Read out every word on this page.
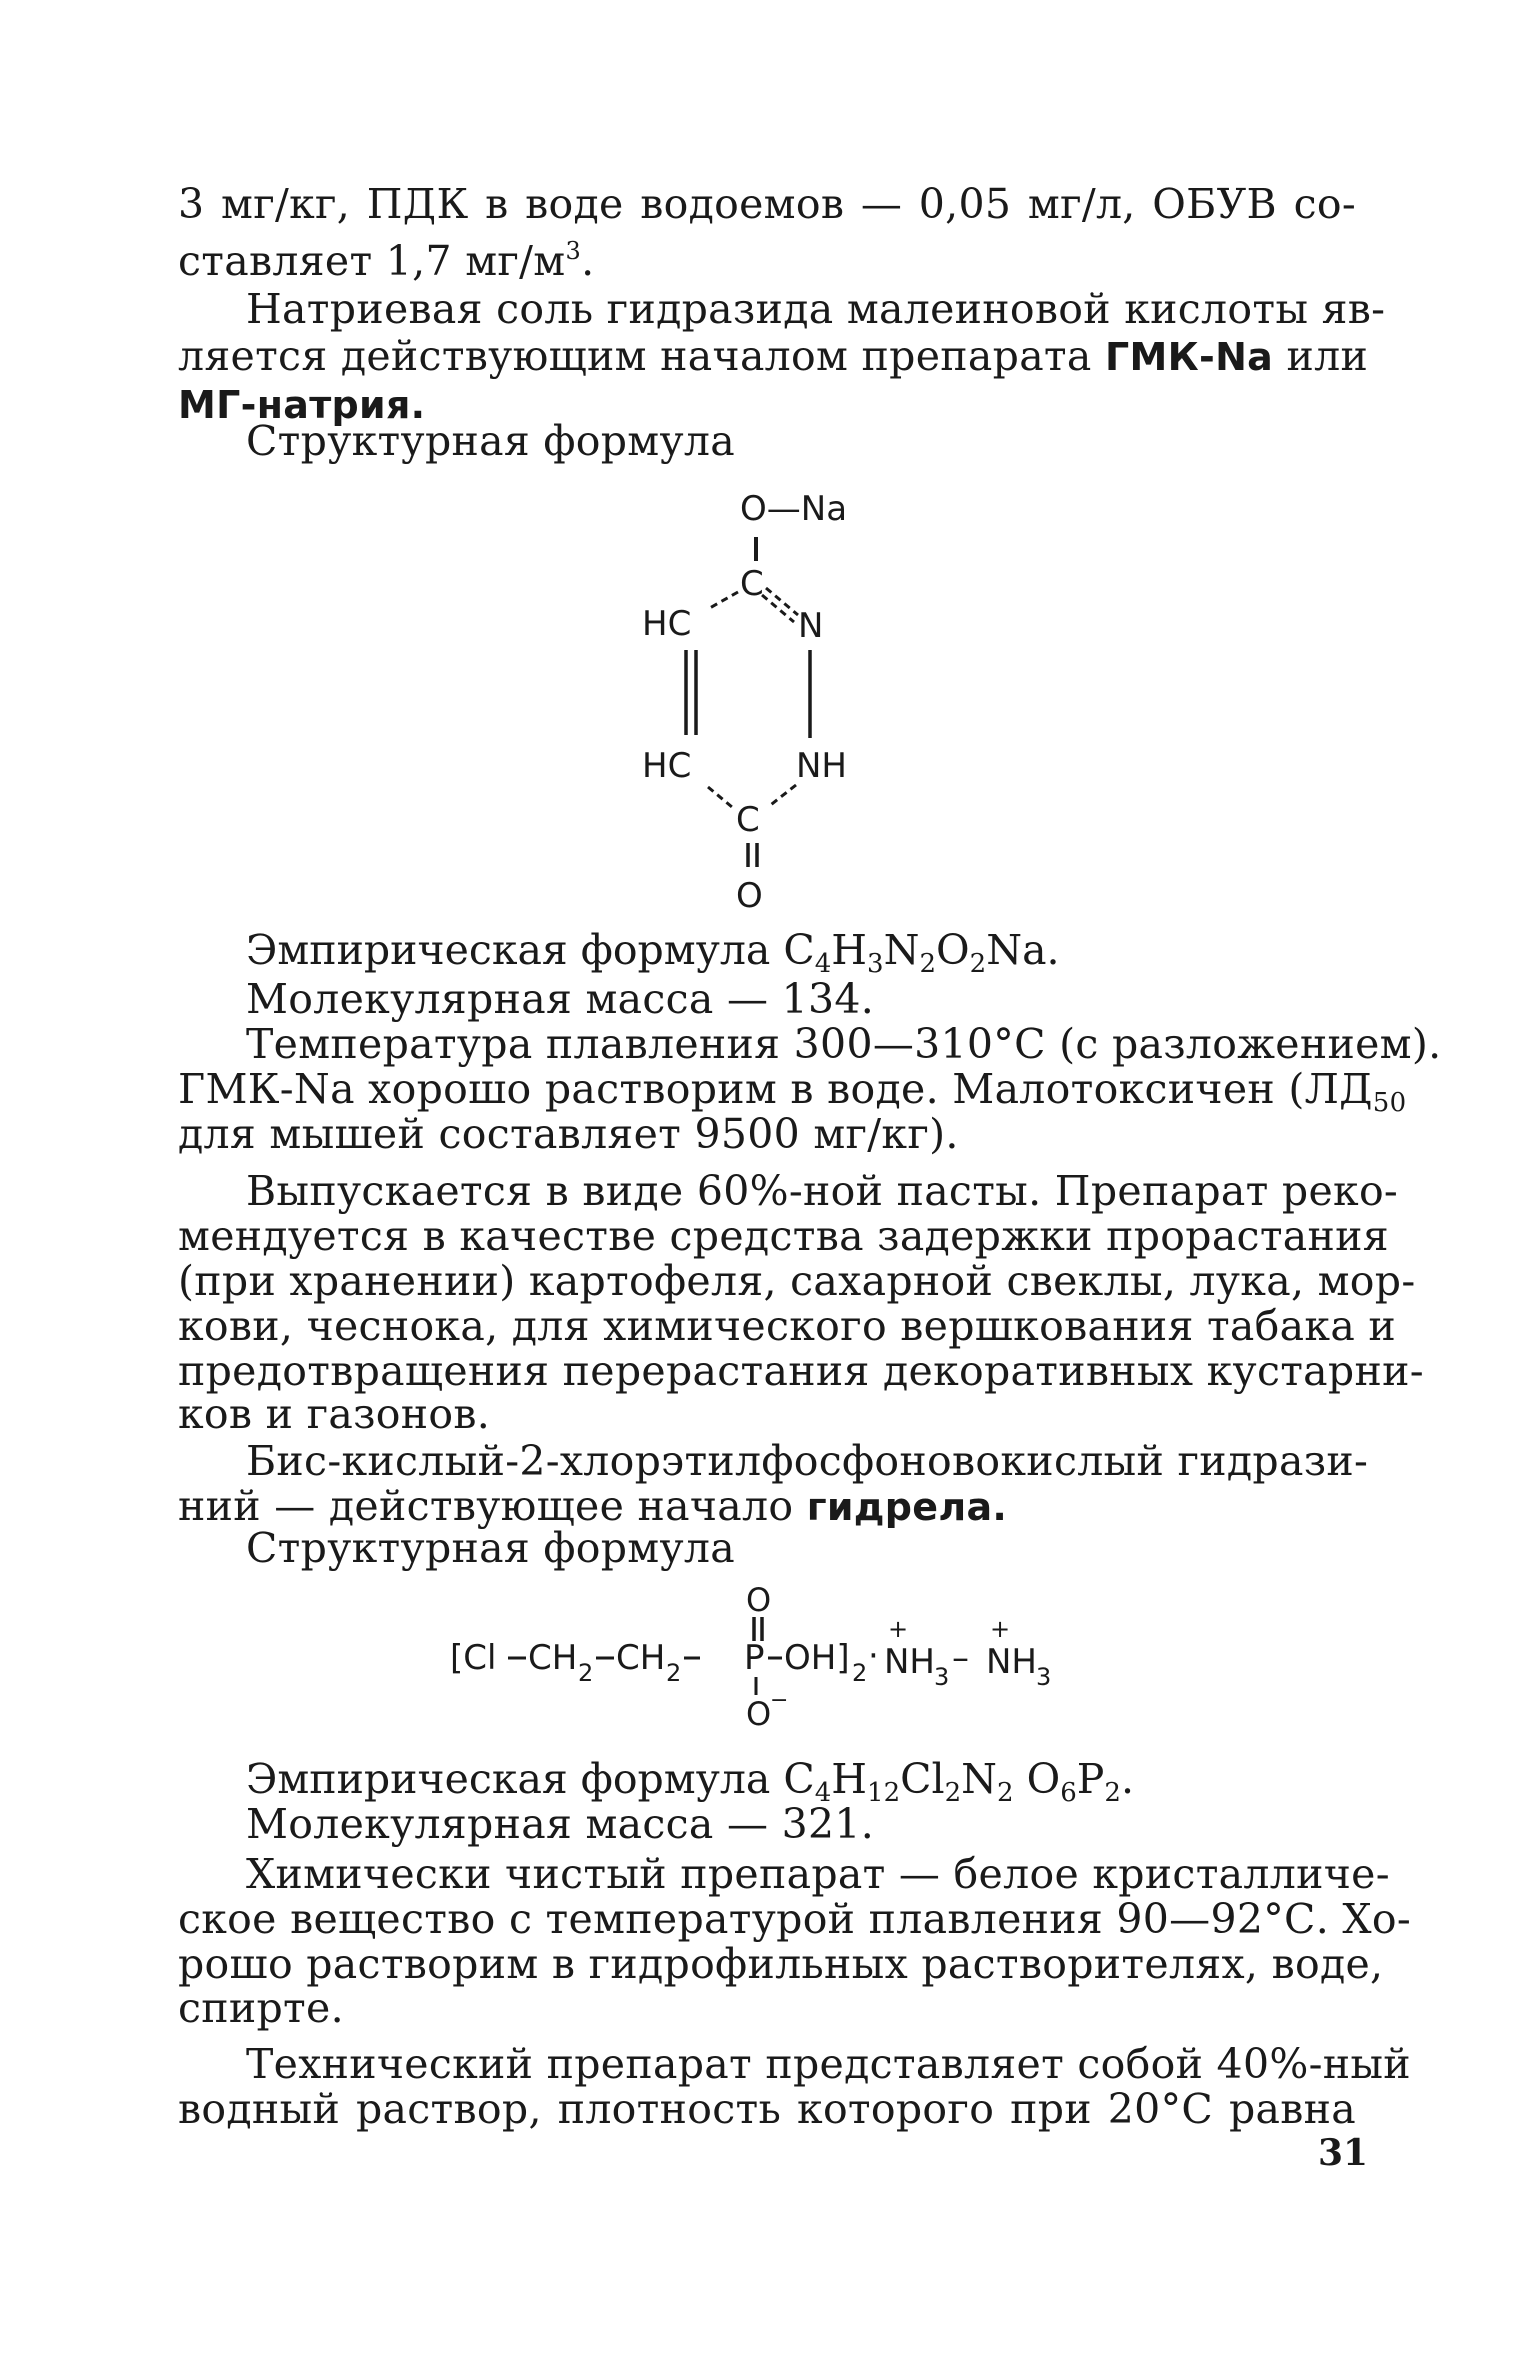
3 мг/кг, ПДК в воде водоемов — 0,05 мг/л, ОБУВ со-
ставляет 1,7 $мг/м^3$.
Натриевая соль гидразида малеиновой кислоты яв-
ляется действующим началом препарата ГМК-Na или
МГ-натрия.
Структурная формула
O—Na
C
HC	N
HC	NH
C
O
Эмпирическая формула $C_4H_3N_2O_2Na$.
Молекулярная масса — 134.
Температура плавления 300—310°С (с разложением).
ГМК-Na хорошо растворим в воде. Малотоксичен ($ЛД_{50}$
для мышей составляет 9500 мг/кг).
Выпускается в виде 60%-ной пасты. Препарат реко-
мендуется в качестве средства задержки прорастания
(при хранении) картофеля, сахарной свеклы, лука, мор-
кови, чеснока, для химического вершкования табака и
предотвращения перерастания декоративных кустарни-
ков и газонов.
Бис-кислый-2-хлорэтилфосфоновокислый гидрази-
ний — действующее начало гидрела.
Структурная формула
O
[Cl CH 2 CH 2 P OH] 2 ·
+
NH 3 –
+
NH 3
O
−
Эмпирическая формула $C_4H_{12}Cl_2N_2$ $O_6P_2$.
Молекулярная масса — 321.
Химически чистый препарат — белое кристалличе-
ское вещество с температурой плавления 90—92°С. Хо-
рошо растворим в гидрофильных растворителях, воде,
спирте.
Технический препарат представляет собой 40%-ный
водный раствор, плотность которого при 20°С равна
31
